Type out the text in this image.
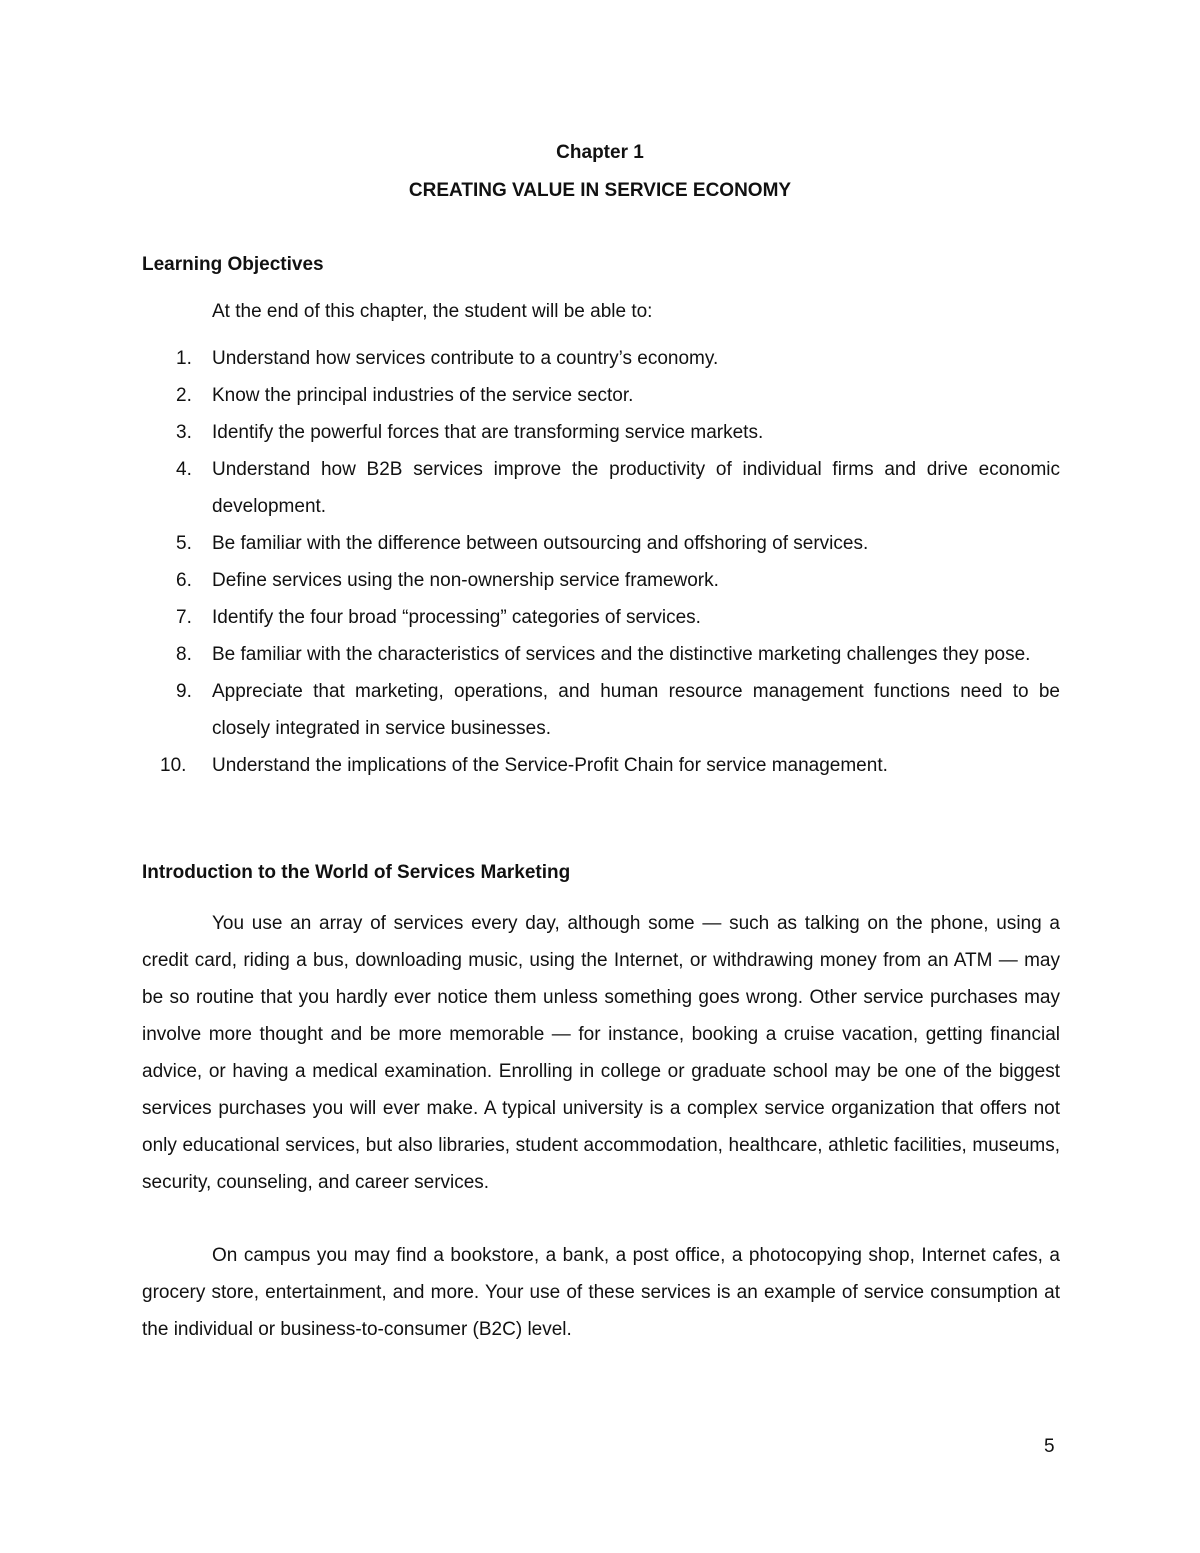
Chapter 1
CREATING VALUE IN SERVICE ECONOMY
Learning Objectives
At the end of this chapter, the student will be able to:
1.	Understand how services contribute to a country’s economy.
2.	Know the principal industries of the service sector.
3.	Identify the powerful forces that are transforming service markets.
4.	Understand how B2B services improve the productivity of individual firms and drive economic development.
5.	Be familiar with the difference between outsourcing and offshoring of services.
6.	Define services using the non-ownership service framework.
7.	Identify the four broad “processing” categories of services.
8.	Be familiar with the characteristics of services and the distinctive marketing challenges they pose.
9.	Appreciate that marketing, operations, and human resource management functions need to be closely integrated in service businesses.
10. Understand the implications of the Service-Profit Chain for service management.
Introduction to the World of Services Marketing

You use an array of services every day, although some — such as talking on the phone, using a credit card, riding a bus, downloading music, using the Internet, or withdrawing money from an ATM — may be so routine that you hardly ever notice them unless something goes wrong. Other service purchases may involve more thought and be more memorable — for instance, booking a cruise vacation, getting financial advice, or having a medical examination. Enrolling in college or graduate school may be one of the biggest services purchases you will ever make. A typical university is a complex service organization that offers not only educational services, but also libraries, student accommodation, healthcare, athletic facilities, museums, security, counseling, and career services.

On campus you may find a bookstore, a bank, a post office, a photocopying shop, Internet cafes, a grocery store, entertainment, and more. Your use of these services is an example of service consumption at the individual or business-to-consumer (B2C) level.

5
